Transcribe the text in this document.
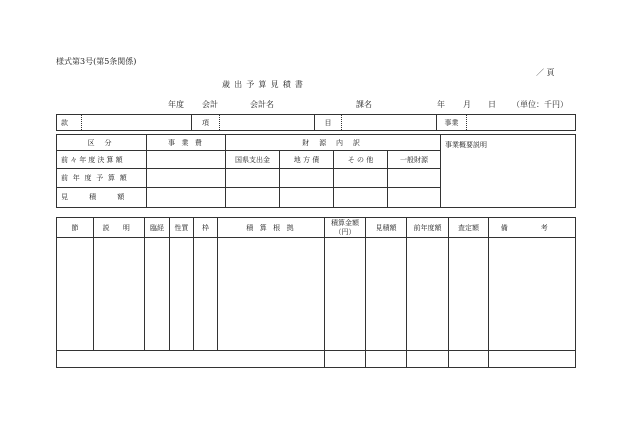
様式第3号(第5条関係)
／ 頁
歳 出 予 算 見 積 書
年度 会計	会計名	課名	年 月 日 （単位：千円）
款		項		目		事業	
区 分	事 業 費	財 源 内 訳				事業概要説明
前々年度決算額		国県支出金	地 方 債	そ の 他	一般財源	
前 年 度 予 算 額						
見 積 額						
節	説 明	臨経	性質	枠	積 算 根 拠	積算金額（円）	見積額	前年度額	査定額	備 考
